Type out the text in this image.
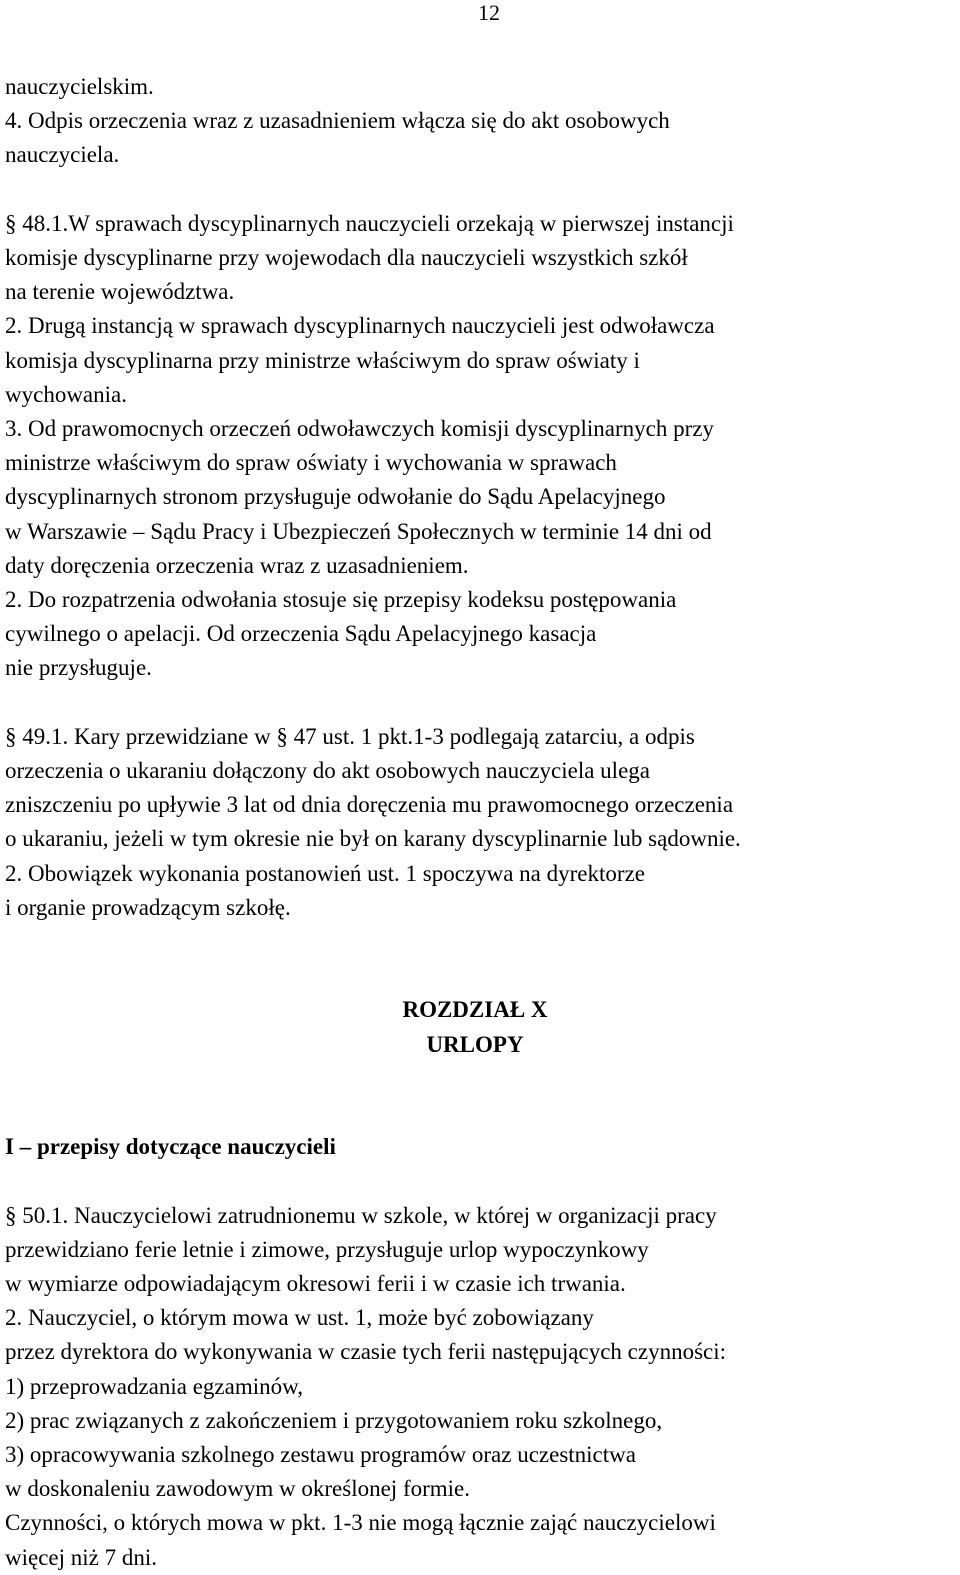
12
nauczycielskim.
4. Odpis orzeczenia wraz z uzasadnieniem włącza się do akt osobowych
nauczyciela.
§ 48.1.W sprawach dyscyplinarnych nauczycieli orzekają w pierwszej instancji
komisje dyscyplinarne przy wojewodach dla nauczycieli wszystkich szkół
na terenie województwa.
2. Drugą instancją w sprawach dyscyplinarnych nauczycieli jest odwoławcza
komisja dyscyplinarna przy ministrze właściwym do spraw oświaty i
wychowania.
3. Od prawomocnych orzeczeń odwoławczych komisji dyscyplinarnych przy
ministrze właściwym do spraw oświaty i wychowania w sprawach
dyscyplinarnych stronom przysługuje odwołanie do Sądu Apelacyjnego
w Warszawie – Sądu Pracy i Ubezpieczeń Społecznych w terminie 14 dni od
daty doręczenia orzeczenia wraz z uzasadnieniem.
2. Do rozpatrzenia odwołania stosuje się przepisy kodeksu postępowania
cywilnego o apelacji. Od orzeczenia Sądu Apelacyjnego kasacja
nie przysługuje.
§ 49.1. Kary przewidziane w § 47 ust. 1 pkt.1-3 podlegają zatarciu, a odpis
orzeczenia o ukaraniu dołączony do akt osobowych nauczyciela ulega
zniszczeniu po upływie 3 lat od dnia doręczenia mu prawomocnego orzeczenia
o ukaraniu, jeżeli w tym okresie nie był on karany dyscyplinarnie lub sądownie.
2. Obowiązek wykonania postanowień ust. 1 spoczywa na dyrektorze
i organie prowadzącym szkołę.
ROZDZIAŁ X
URLOPY
I – przepisy dotyczące nauczycieli
§ 50.1. Nauczycielowi zatrudnionemu w szkole, w której w organizacji pracy
przewidziano ferie letnie i zimowe, przysługuje urlop wypoczynkowy
w wymiarze odpowiadającym okresowi ferii i w czasie ich trwania.
2. Nauczyciel, o którym mowa w ust. 1, może być zobowiązany
przez dyrektora do wykonywania w czasie tych ferii następujących czynności:
1) przeprowadzania egzaminów,
2) prac związanych z zakończeniem i przygotowaniem roku szkolnego,
3) opracowywania szkolnego zestawu programów oraz uczestnictwa
w doskonaleniu zawodowym w określonej formie.
Czynności, o których mowa w pkt. 1-3 nie mogą łącznie zająć nauczycielowi
więcej niż 7 dni.
